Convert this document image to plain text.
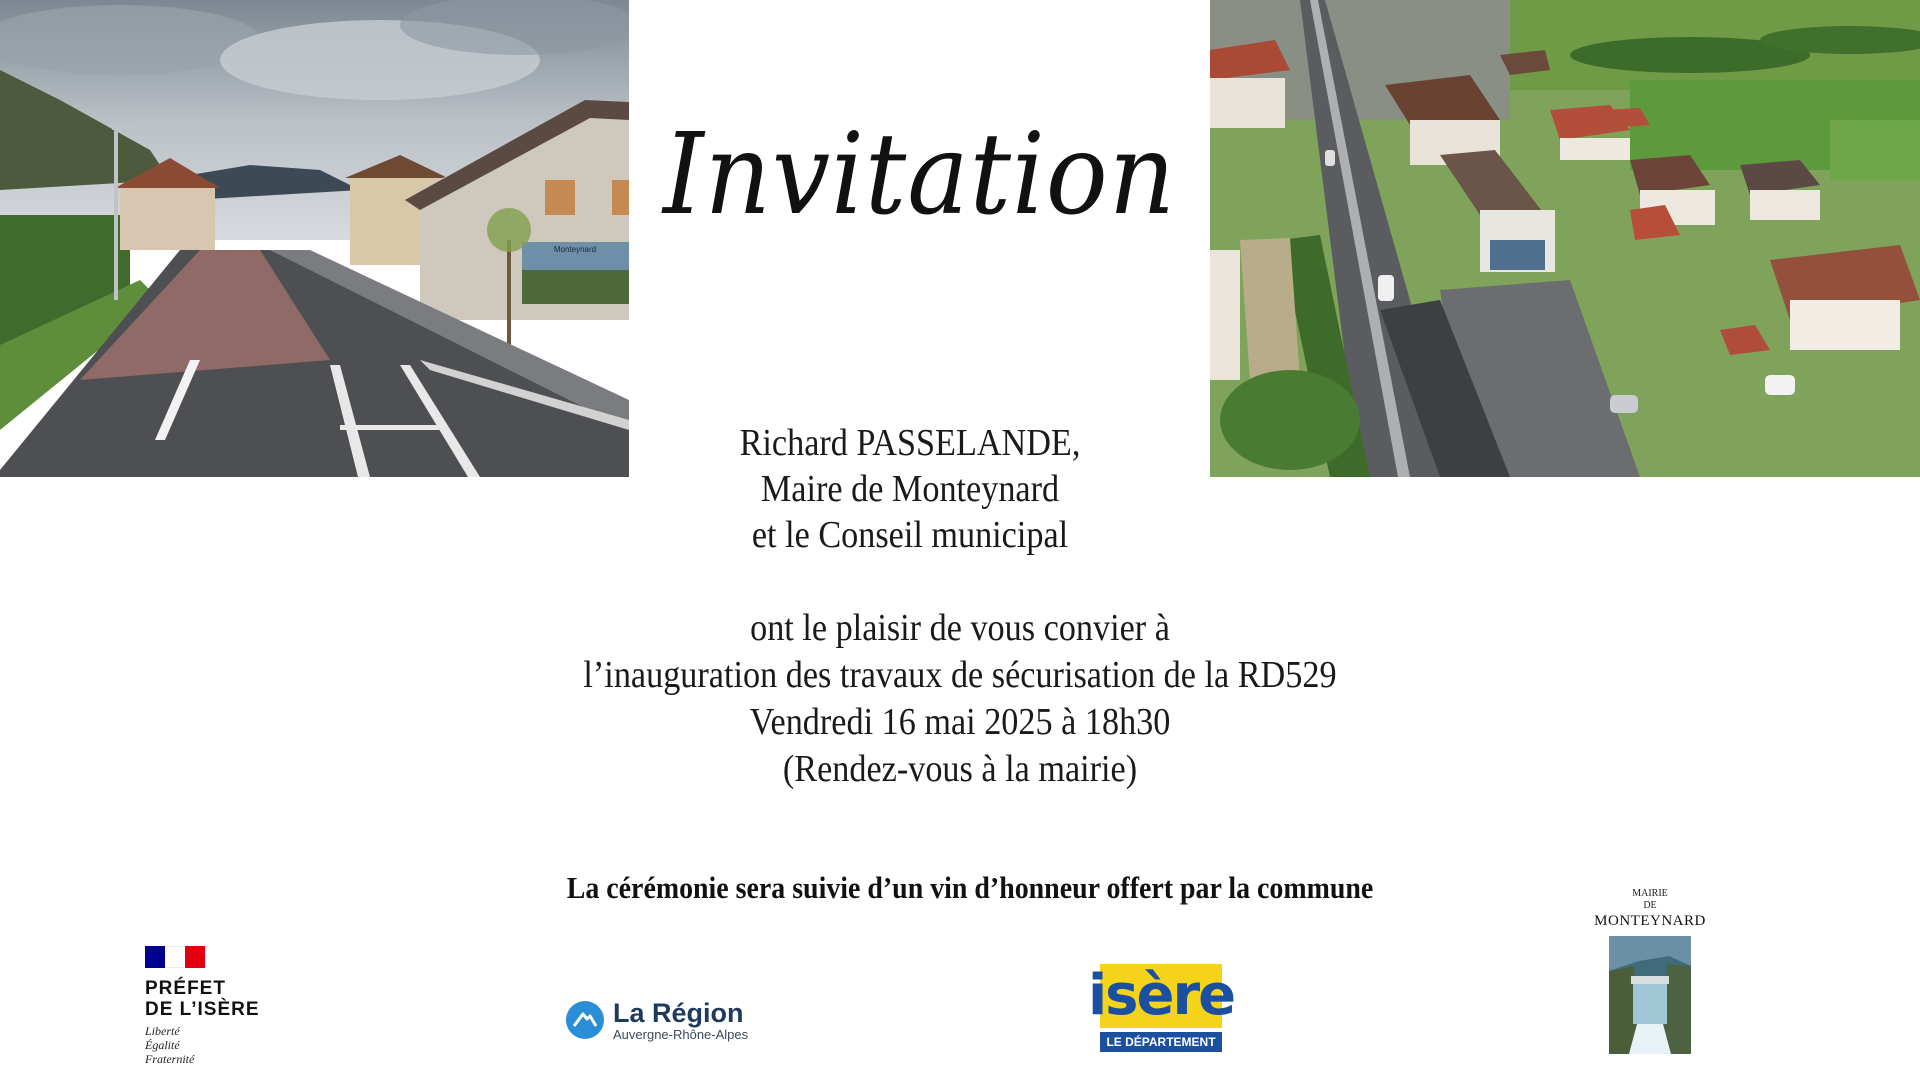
Monteynard
Invitation
Richard PASSELANDE,
Maire de Monteynard
et le Conseil municipal
ont le plaisir de vous convier à
l’inauguration des travaux de sécurisation de la RD529
Vendredi 16 mai 2025 à 18h30
(Rendez-vous à la mairie)
La cérémonie sera suivie d’un vin d’honneur offert par la commune
PRÉFET
DE L’ISÈRE
Liberté
Égalité
Fraternité
La Région
Auvergne-Rhône-Alpes
isère
LE DÉPARTEMENT
MAIRIE
DE
MONTEYNARD
